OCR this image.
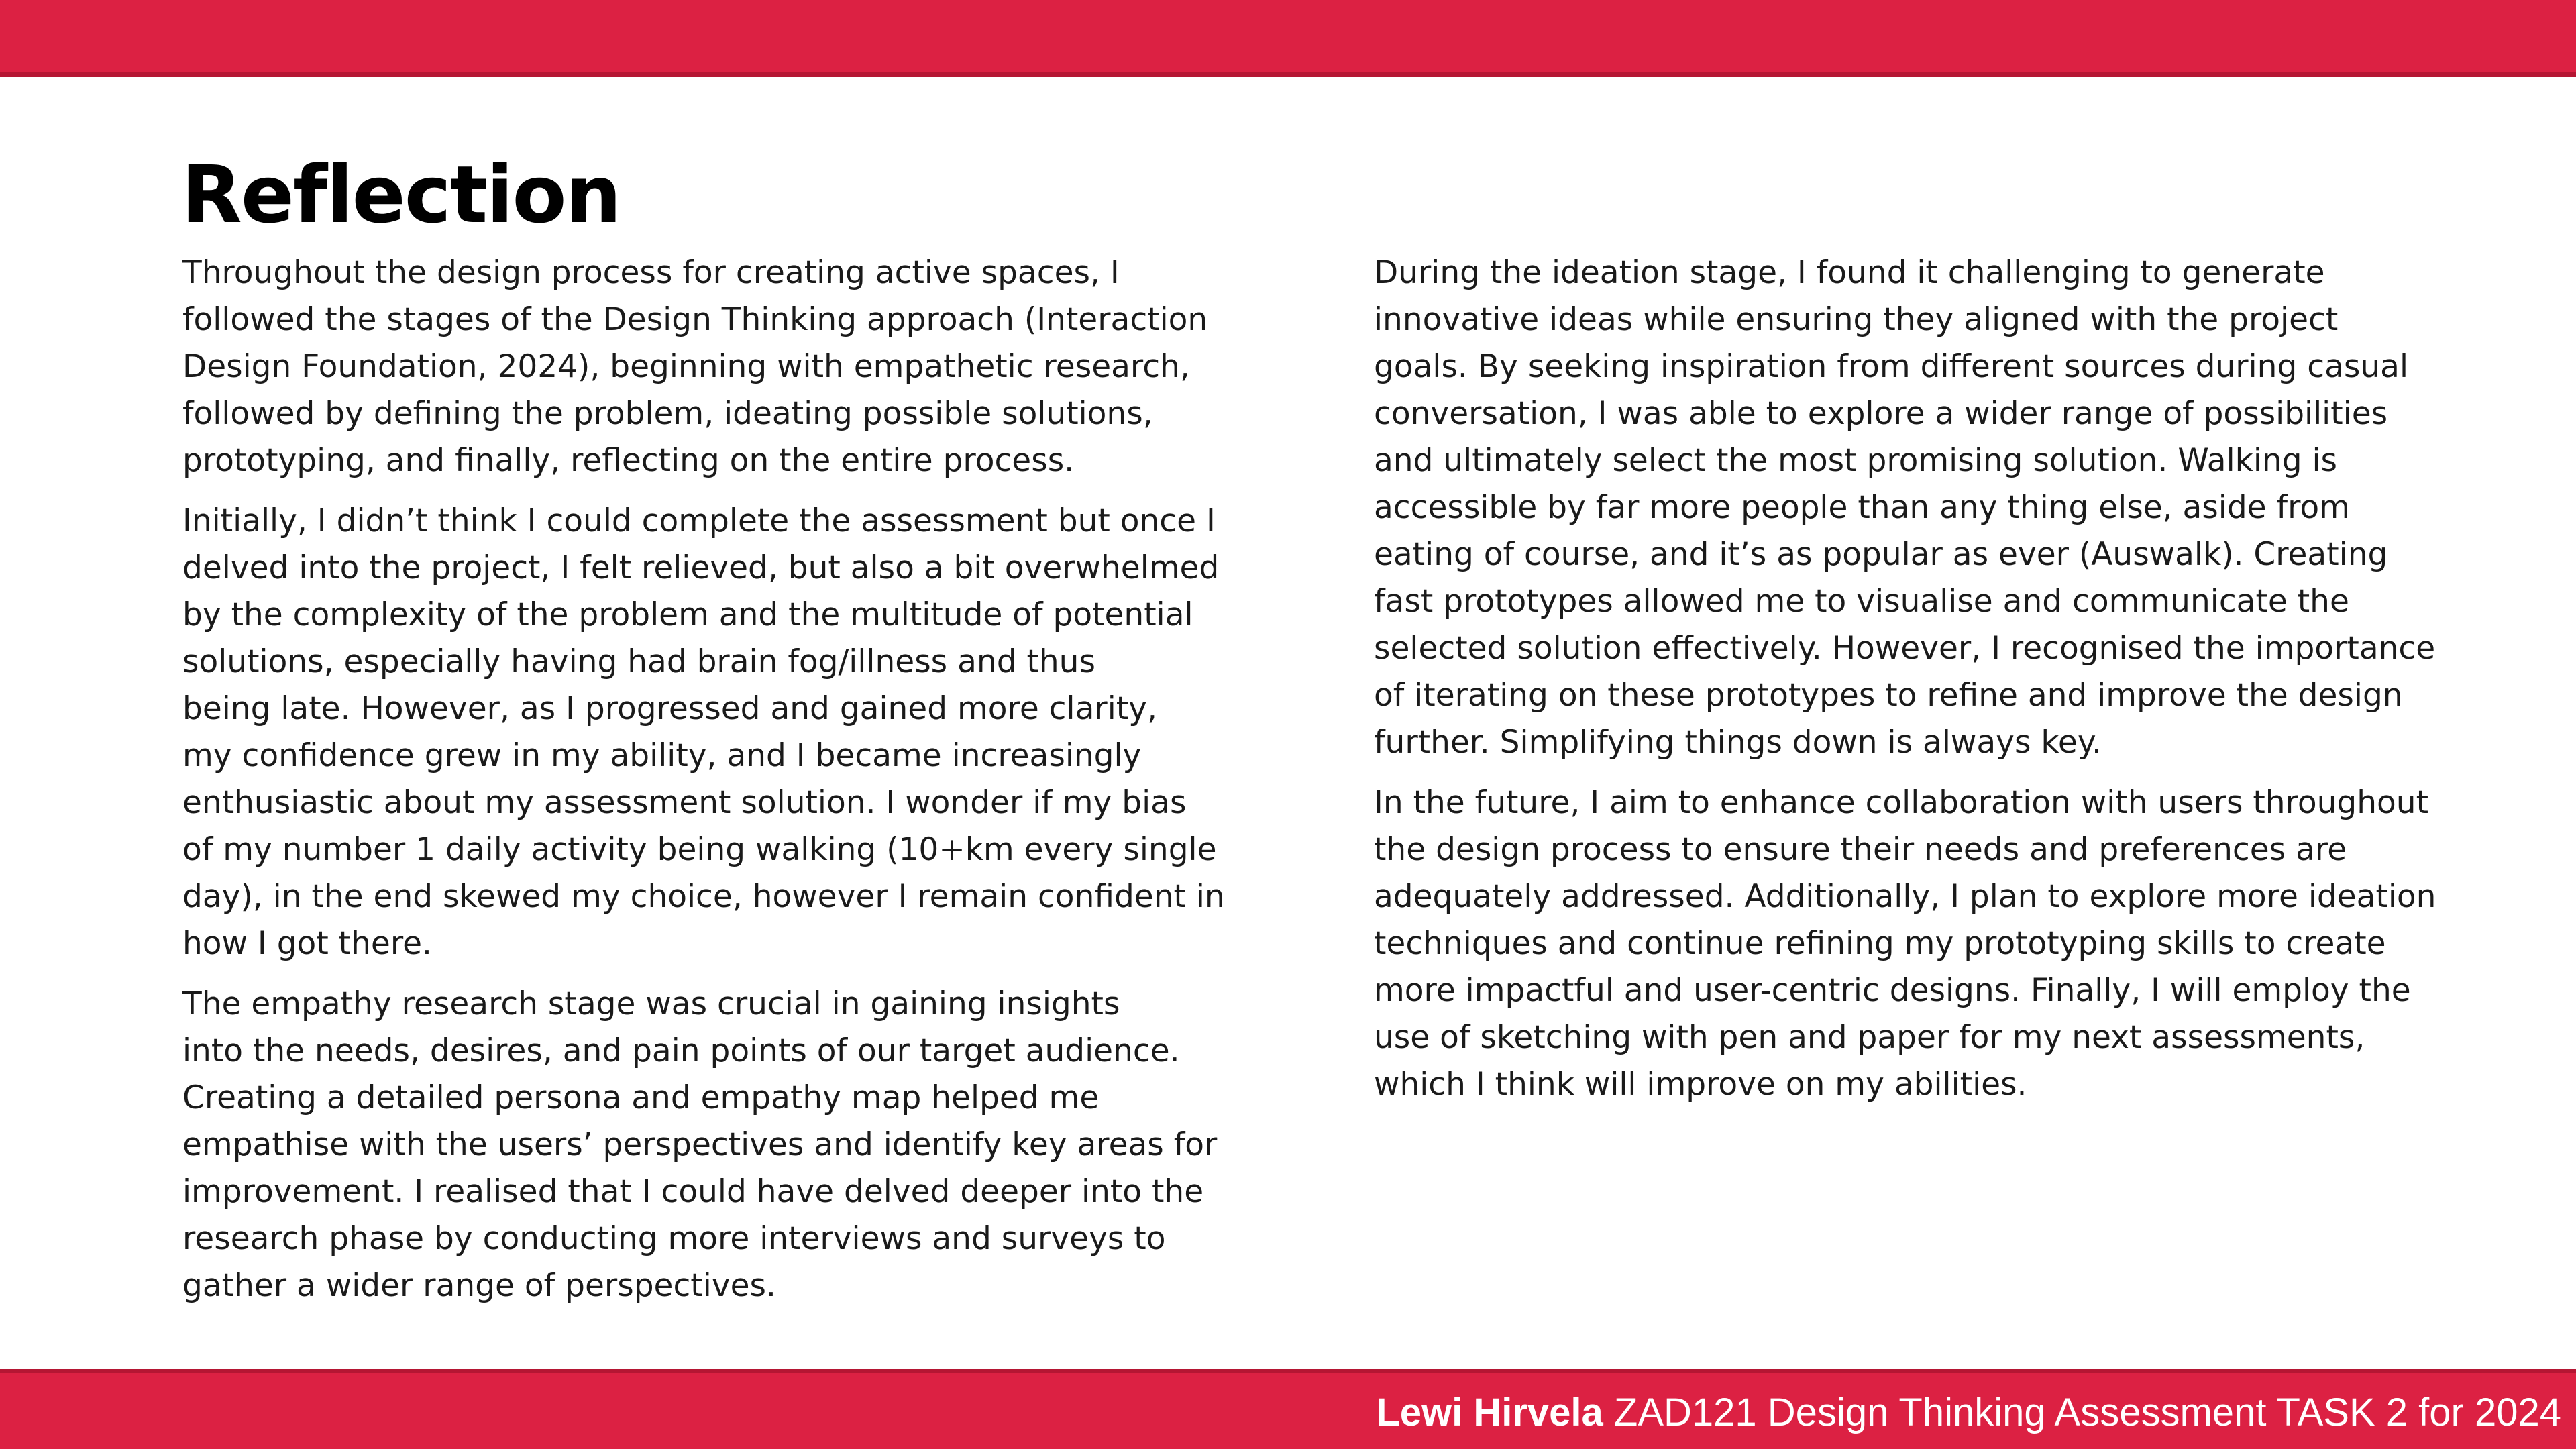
Reflection

Throughout the design process for creating active spaces, I
followed the stages of the Design Thinking approach (Interaction
Design Foundation, 2024), beginning with empathetic research,
followed by defining the problem, ideating possible solutions,
prototyping, and finally, reflecting on the entire process.

Initially, I didn’t think I could complete the assessment but once I
delved into the project, I felt relieved, but also a bit overwhelmed
by the complexity of the problem and the multitude of potential
solutions, especially having had brain fog/illness and thus
being late. However, as I progressed and gained more clarity,
my confidence grew in my ability, and I became increasingly
enthusiastic about my assessment solution. I wonder if my bias
of my number 1 daily activity being walking (10+km every single
day), in the end skewed my choice, however I remain confident in
how I got there.

The empathy research stage was crucial in gaining insights
into the needs, desires, and pain points of our target audience.
Creating a detailed persona and empathy map helped me
empathise with the users’ perspectives and identify key areas for
improvement. I realised that I could have delved deeper into the
research phase by conducting more interviews and surveys to
gather a wider range of perspectives.

During the ideation stage, I found it challenging to generate
innovative ideas while ensuring they aligned with the project
goals. By seeking inspiration from different sources during casual
conversation, I was able to explore a wider range of possibilities
and ultimately select the most promising solution. Walking is
accessible by far more people than any thing else, aside from
eating of course, and it’s as popular as ever (Auswalk). Creating
fast prototypes allowed me to visualise and communicate the
selected solution effectively. However, I recognised the importance
of iterating on these prototypes to refine and improve the design
further. Simplifying things down is always key.

In the future, I aim to enhance collaboration with users throughout
the design process to ensure their needs and preferences are
adequately addressed. Additionally, I plan to explore more ideation
techniques and continue refining my prototyping skills to create
more impactful and user-centric designs. Finally, I will employ the
use of sketching with pen and paper for my next assessments,
which I think will improve on my abilities.

Lewi Hirvela ZAD121 Design Thinking Assessment TASK 2 for 2024
